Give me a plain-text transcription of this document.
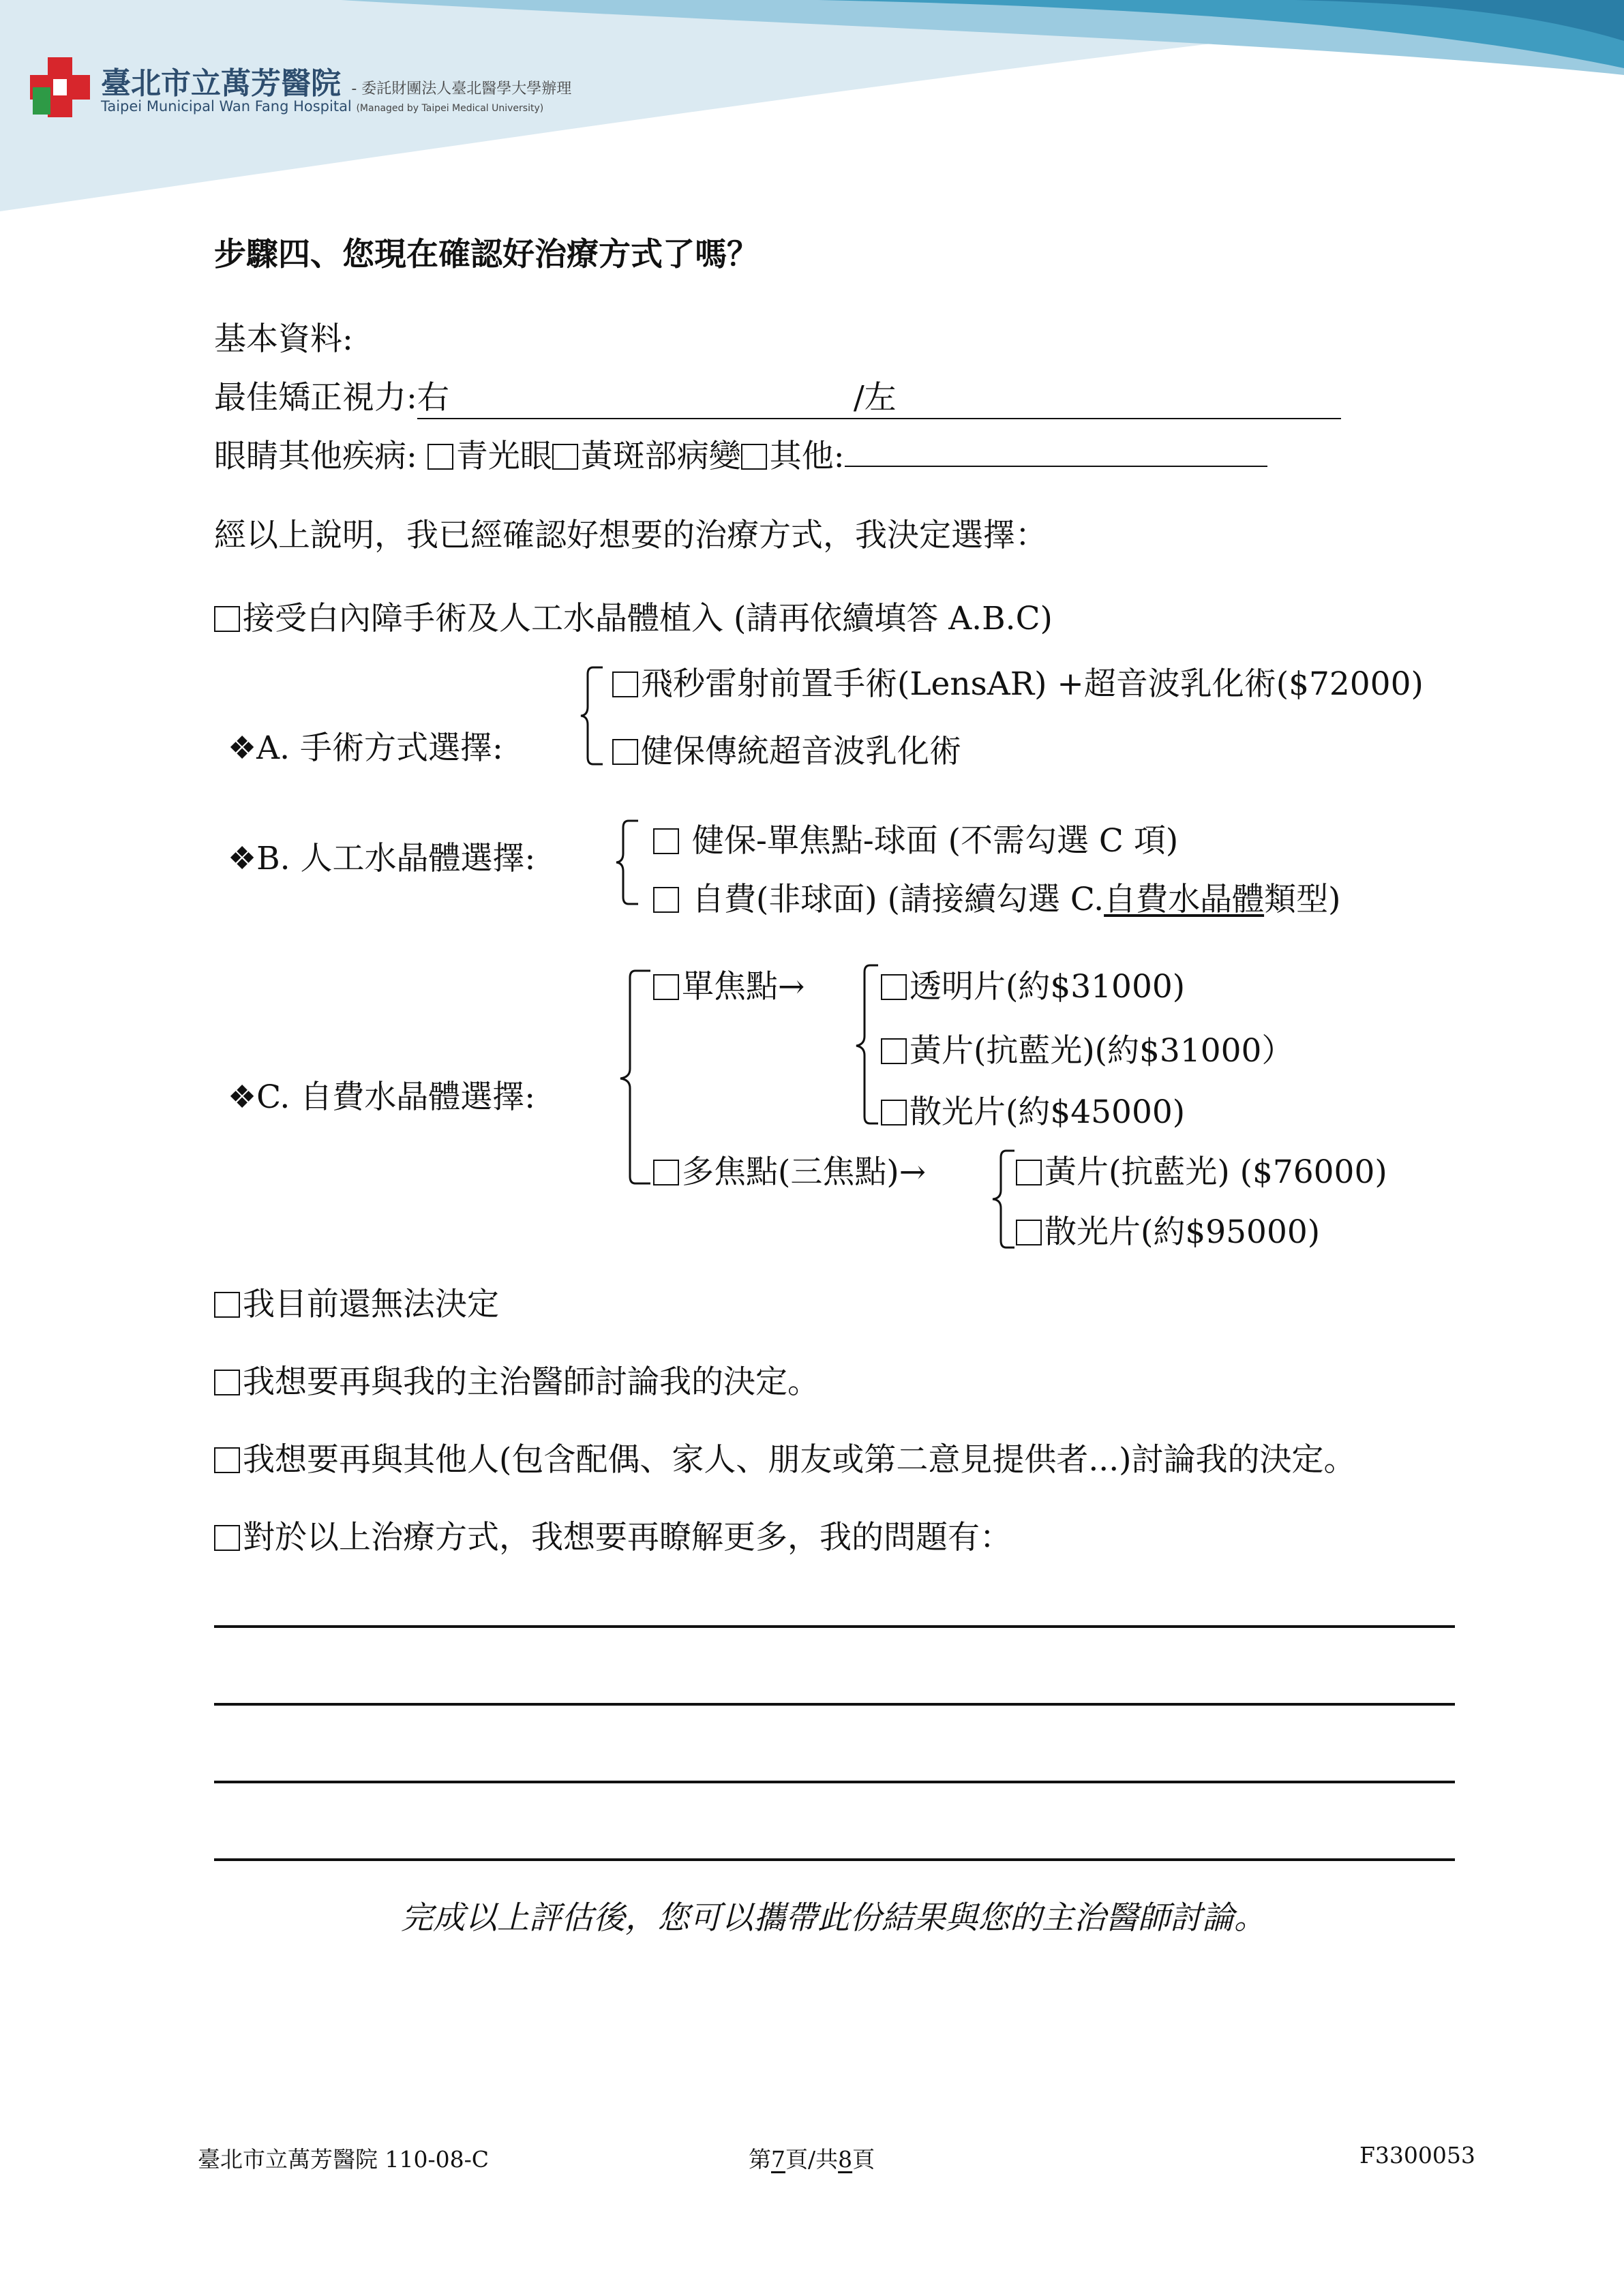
臺北市立萬芳醫院 - 委託財團法人臺北醫學大學辦理
Taipei Municipal Wan Fang Hospital (Managed by Taipei Medical University)
步驟四、您現在確認好治療方式了嗎？
基本資料:
最佳矯正視力:右	/左
眼睛其他疾病: 青光眼 黃斑部病變 其他:
經以上說明，我已經確認好想要的治療方式，我決定選擇：
接受白內障手術及人工水晶體植入 (請再依續填答 A.B.C)
❖A. 手術方式選擇:
飛秒雷射前置手術(LensAR) +超音波乳化術($72000)
健保傳統超音波乳化術
❖B. 人工水晶體選擇:	健保-單焦點-球面 (不需勾選 C 項)
自費(非球面) (請接續勾選 C.自費水晶體類型)
❖C. 自費水晶體選擇:
單焦點→	透明片(約$31000)
黃片(抗藍光)(約$31000）
散光片(約$45000)
多焦點(三焦點)→	黃片(抗藍光) ($76000)
散光片(約$95000)
我目前還無法決定
我想要再與我的主治醫師討論我的決定。
我想要再與其他人(包含配偶、家人、朋友或第二意見提供者...)討論我的決定。
對於以上治療方式，我想要再瞭解更多，我的問題有：
完成以上評估後，您可以攜帶此份結果與您的主治醫師討論。
臺北市立萬芳醫院 110-08-C	第7頁/共8頁	F3300053
